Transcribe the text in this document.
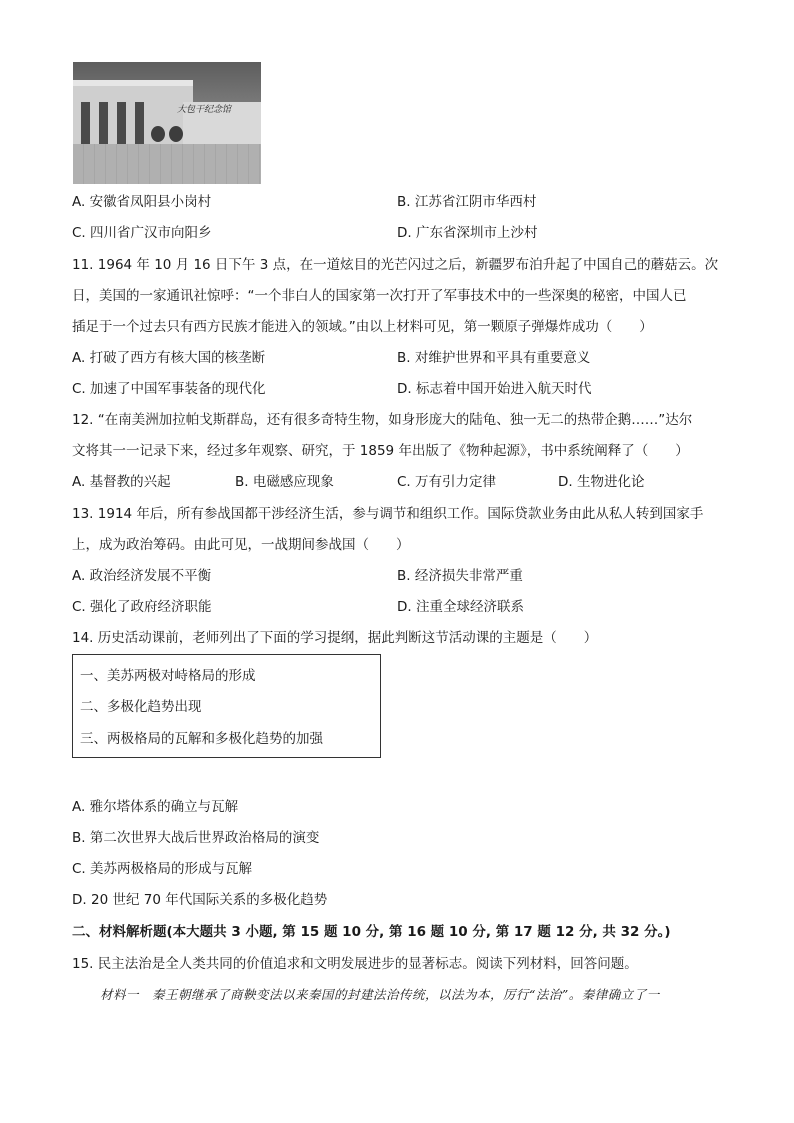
大包干纪念馆
A. 安徽省凤阳县小岗村	B. 江苏省江阴市华西村
C. 四川省广汉市向阳乡	D. 广东省深圳市上沙村
11. 1964 年 10 月 16 日下午 3 点，在一道炫目的光芒闪过之后，新疆罗布泊升起了中国自己的蘑菇云。次
日，美国的一家通讯社惊呼：“一个非白人的国家第一次打开了军事技术中的一些深奥的秘密，中国人已
插足于一个过去只有西方民族才能进入的领域。”由以上材料可见，第一颗原子弹爆炸成功（　　）
A. 打破了西方有核大国的核垄断	B. 对维护世界和平具有重要意义
C. 加速了中国军事装备的现代化	D. 标志着中国开始进入航天时代
12. “在南美洲加拉帕戈斯群岛，还有很多奇特生物，如身形庞大的陆龟、独一无二的热带企鹅……”达尔
文将其一一记录下来，经过多年观察、研究，于 1859 年出版了《物种起源》，书中系统阐释了（　　）
A. 基督教的兴起	B. 电磁感应现象	C. 万有引力定律	D. 生物进化论
13. 1914 年后，所有参战国都干涉经济生活，参与调节和组织工作。国际贷款业务由此从私人转到国家手
上，成为政治筹码。由此可见，一战期间参战国（　　）
A. 政治经济发展不平衡	B. 经济损失非常严重
C. 强化了政府经济职能	D. 注重全球经济联系
14. 历史活动课前，老师列出了下面的学习提纲，据此判断这节活动课的主题是（　　）
一、美苏两极对峙格局的形成
二、多极化趋势出现
三、两极格局的瓦解和多极化趋势的加强
A. 雅尔塔体系的确立与瓦解
B. 第二次世界大战后世界政治格局的演变
C. 美苏两极格局的形成与瓦解
D. 20 世纪 70 年代国际关系的多极化趋势
二、材料解析题(本大题共 3 小题, 第 15 题 10 分, 第 16 题 10 分, 第 17 题 12 分, 共 32 分。)
15. 民主法治是全人类共同的价值追求和文明发展进步的显著标志。阅读下列材料，回答问题。
材料一　秦王朝继承了商鞅变法以来秦国的封建法治传统，以法为本，厉行“法治”。秦律确立了一
